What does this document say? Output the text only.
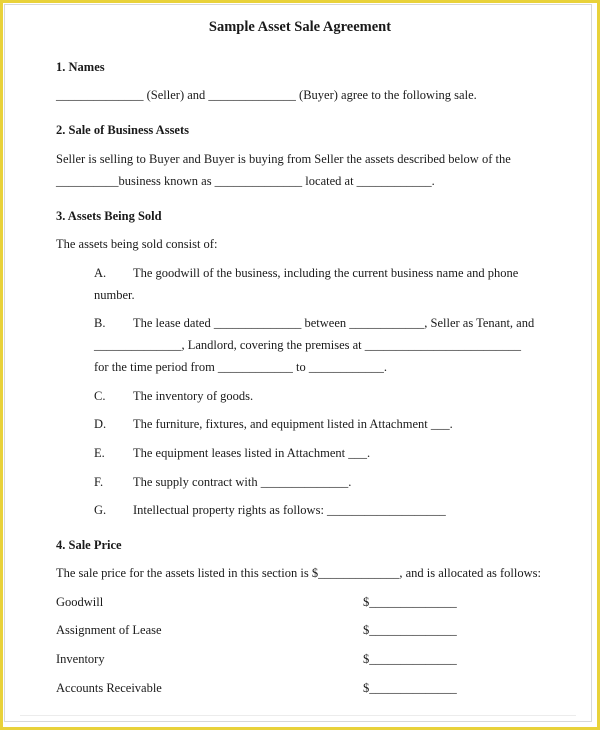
Sample Asset Sale Agreement
1. Names
______________ (Seller) and ______________ (Buyer) agree to the following sale.
2. Sale of Business Assets
Seller is selling to Buyer and Buyer is buying from Seller the assets described below of the
__________business known as ______________ located at ____________.
3. Assets Being Sold
The assets being sold consist of:
A. The goodwill of the business, including the current business name and phone
number.
B. The lease dated ______________ between ____________, Seller as Tenant, and
______________, Landlord, covering the premises at _________________________
for the time period from ____________ to ____________.
C. The inventory of goods.
D. The furniture, fixtures, and equipment listed in Attachment ___.
E. The equipment leases listed in Attachment ___.
F. The supply contract with ______________.
G. Intellectual property rights as follows: ___________________
4. Sale Price
The sale price for the assets listed in this section is $_____________, and is allocated as follows:
Goodwill	$______________
Assignment of Lease	$______________
Inventory	$______________
Accounts Receivable	$______________
